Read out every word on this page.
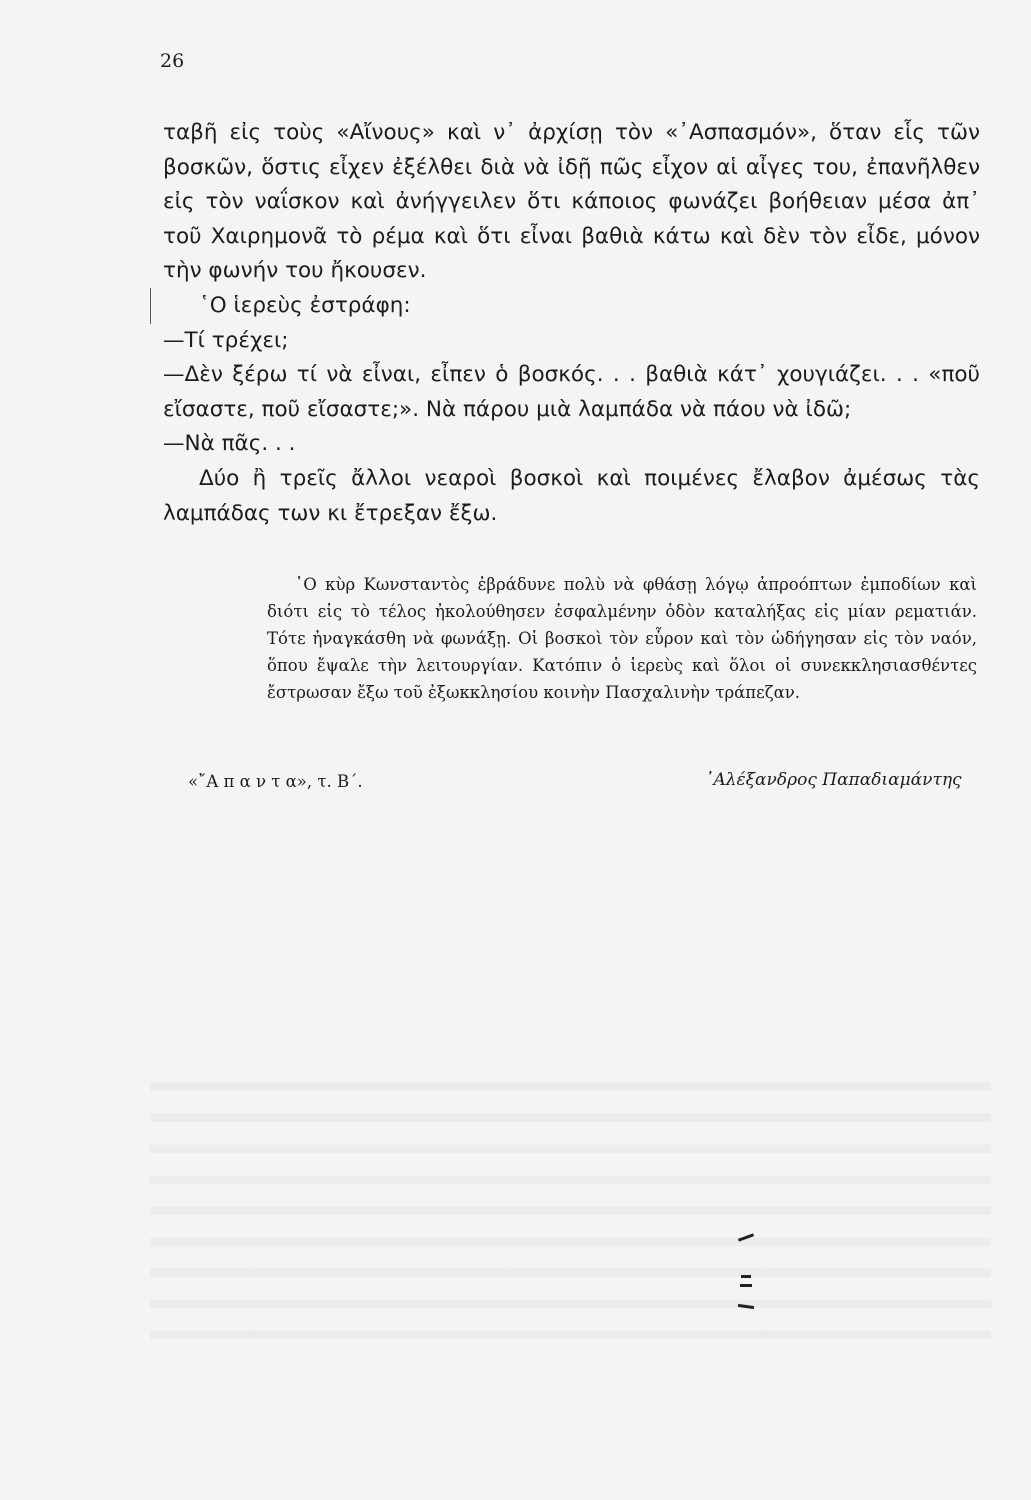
26

ταβῆ εἰς τοὺς «Αἴνους» καὶ ν᾿ ἀρχίσῃ τὸν «᾿Ασπασμόν», ὅταν εἷς τῶν βοσκῶν, ὅστις εἶχεν ἐξέλθει διὰ νὰ ἰδῇ πῶς εἶχον αἱ αἶγες του, ἐπανῆλθεν εἰς τὸν ναΐσκον καὶ ἀνήγγειλεν ὅτι κάποιος φωνάζει βοήθειαν μέσα ἀπ᾿ τοῦ Χαιρημονᾶ τὸ ρέμα καὶ ὅτι εἶναι βαθιὰ κάτω καὶ δὲν τὸν εἶδε, μόνον τὴν φωνήν του ἤκουσεν.

῾Ο ἱερεὺς ἐστράφη:

—Τί τρέχει;

—Δὲν ξέρω τί νὰ εἶναι, εἶπεν ὁ βοσκός. . . βαθιὰ κάτ᾿ χουγιάζει. . . «ποῦ εἴσαστε, ποῦ εἴσαστε;». Νὰ πάρου μιὰ λαμπάδα νὰ πάου νὰ ἰδῶ;

—Νὰ πᾶς. . .

Δύο ἢ τρεῖς ἄλλοι νεαροὶ βοσκοὶ καὶ ποιμένες ἔλαβον ἀμέσως τὰς λαμπάδας των κι ἔτρεξαν ἔξω.

῾Ο κὺρ Κωνσταντὸς ἐβράδυνε πολὺ νὰ φθάσῃ λόγῳ ἀπροόπτων ἐμποδίων καὶ διότι εἰς τὸ τέλος ἠκολούθησεν ἐσφαλμένην ὁδὸν καταλήξας εἰς μίαν ρεματιάν. Τότε ἠναγκάσθη νὰ φωνάξῃ. Οἱ βοσκοὶ τὸν εὗρον καὶ τὸν ὡδήγησαν εἰς τὸν ναόν, ὅπου ἔψαλε τὴν λειτουργίαν. Κατόπιν ὁ ἱερεὺς καὶ ὅλοι οἱ συνεκκλησιασθέντες ἔστρωσαν ἔξω τοῦ ἐξωκκλησίου κοινὴν Πασχαλινὴν τράπεζαν.

«῎Α π α ν τ α», τ. Β΄.	᾿Αλέξανδρος Παπαδιαμάντης
